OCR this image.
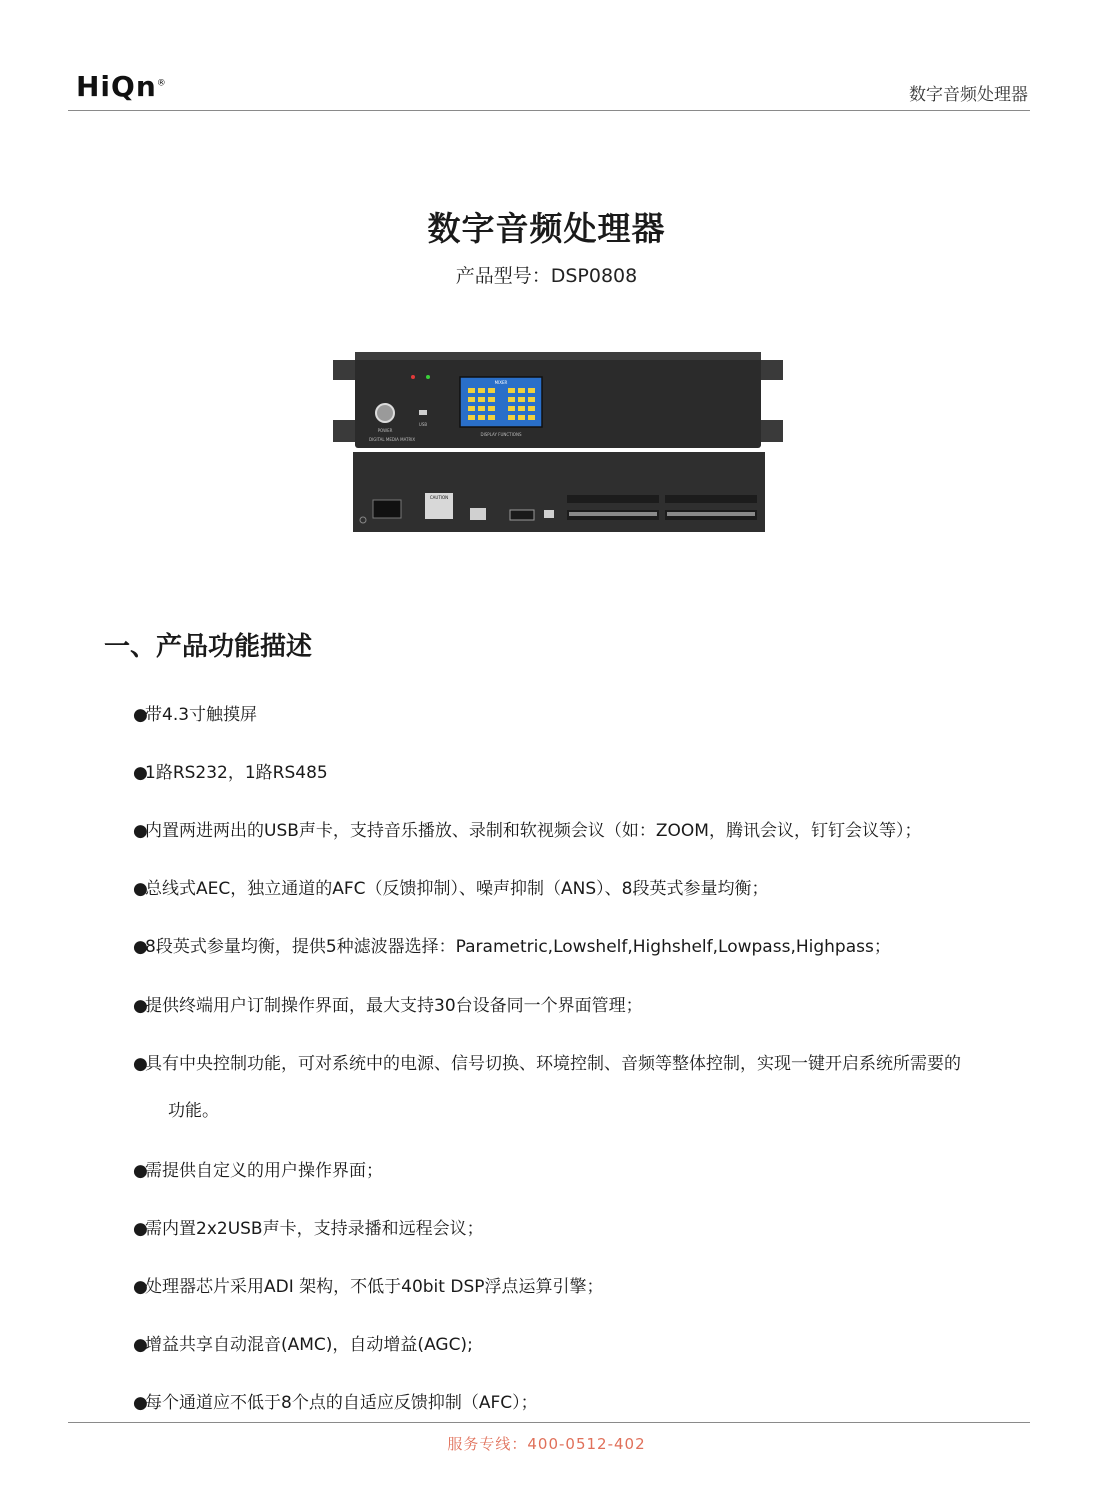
HiQn®
数字音频处理器
数字音频处理器
产品型号：DSP0808
POWER
USB
DIGITAL MEDIA MATRIX
MIXER
DISPLAY FUNCTIONS
CAUTION
一、产品功能描述
●带4.3寸触摸屏
●1路RS232，1路RS485
●内置两进两出的USB声卡，支持音乐播放、录制和软视频会议（如：ZOOM，腾讯会议，钉钉会议等）；
●总线式AEC，独立通道的AFC（反馈抑制）、噪声抑制（ANS）、8段英式参量均衡；
●8段英式参量均衡，提供5种滤波器选择：Parametric,Lowshelf,Highshelf,Lowpass,Highpass；
●提供终端用户订制操作界面，最大支持30台设备同一个界面管理；
●具有中央控制功能，可对系统中的电源、信号切换、环境控制、音频等整体控制，实现一键开启系统所需要的
功能。
●需提供自定义的用户操作界面；
●需内置2x2USB声卡，支持录播和远程会议；
●处理器芯片采用ADI 架构，不低于40bit DSP浮点运算引擎；
●增益共享自动混音(AMC)，自动增益(AGC);
●每个通道应不低于8个点的自适应反馈抑制（AFC）；
服务专线：400-0512-402
